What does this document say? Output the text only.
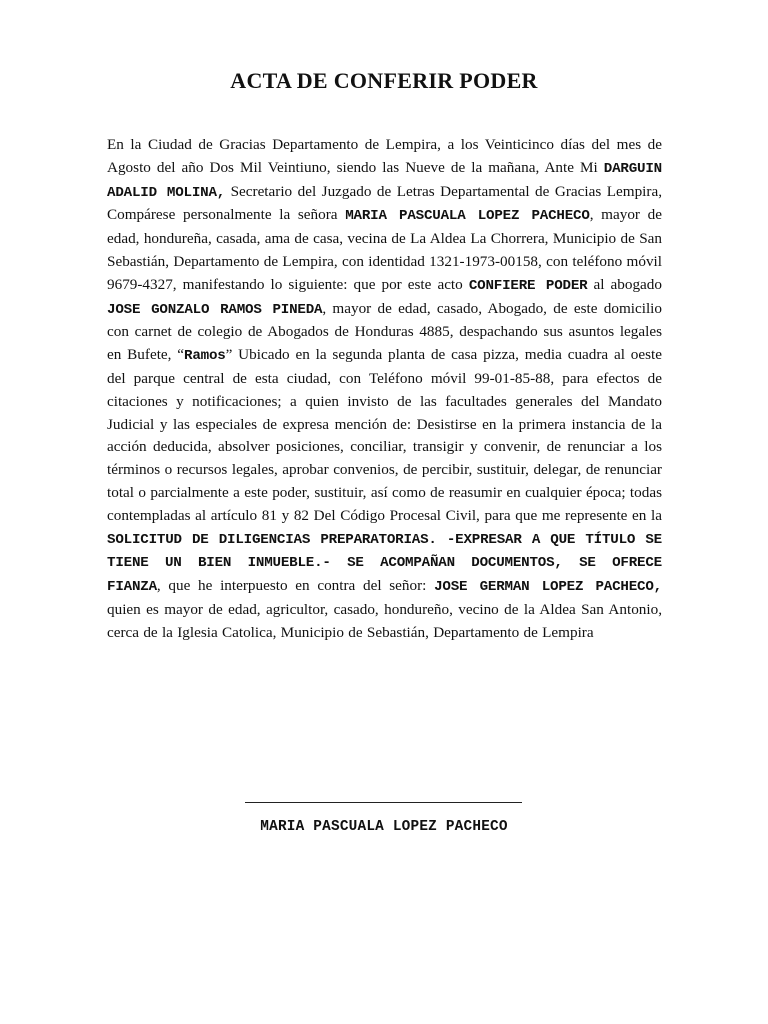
ACTA DE CONFERIR PODER
En la Ciudad de Gracias Departamento de Lempira, a los Veinticinco días del mes de Agosto del año Dos Mil Veintiuno, siendo las Nueve de la mañana, Ante Mi DARGUIN ADALID MOLINA, Secretario del Juzgado de Letras Departamental de Gracias Lempira, Compárese personalmente la señora MARIA PASCUALA LOPEZ PACHECO, mayor de edad, hondureña, casada, ama de casa, vecina de La Aldea La Chorrera, Municipio de San Sebastián, Departamento de Lempira, con identidad 1321-1973-00158, con teléfono móvil 9679-4327, manifestando lo siguiente: que por este acto CONFIERE PODER al abogado JOSE GONZALO RAMOS PINEDA, mayor de edad, casado, Abogado, de este domicilio con carnet de colegio de Abogados de Honduras 4885, despachando sus asuntos legales en Bufete, “Ramos” Ubicado en la segunda planta de casa pizza, media cuadra al oeste del parque central de esta ciudad, con Teléfono móvil 99-01-85-88, para efectos de citaciones y notificaciones; a quien invisto de las facultades generales del Mandato Judicial y las especiales de expresa mención de: Desistirse en la primera instancia de la acción deducida, absolver posiciones, conciliar, transigir y convenir, de renunciar a los términos o recursos legales, aprobar convenios, de percibir, sustituir, delegar, de renunciar total o parcialmente a este poder, sustituir, así como de reasumir en cualquier época; todas contempladas al artículo 81 y 82 Del Código Procesal Civil, para que me represente en la SOLICITUD DE DILIGENCIAS PREPARATORIAS. -EXPRESAR A QUE TÍTULO SE TIENE UN BIEN INMUEBLE.- SE ACOMPAÑAN DOCUMENTOS, SE OFRECE FIANZA, que he interpuesto en contra del señor: JOSE GERMAN LOPEZ PACHECO, quien es mayor de edad, agricultor, casado, hondureño, vecino de la Aldea San Antonio, cerca de la Iglesia Catolica, Municipio de Sebastián, Departamento de Lempira
MARIA PASCUALA LOPEZ PACHECO
